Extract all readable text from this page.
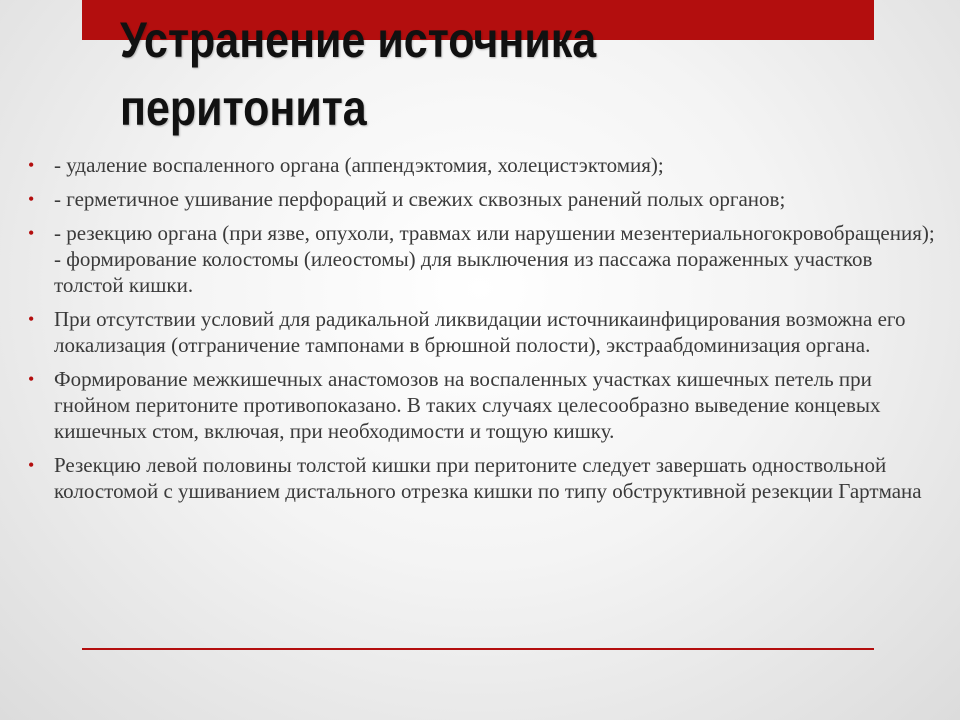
Устранение источника
перитонита
• - удаление воспаленного органа (аппендэктомия, холецистэктомия);
• - герметичное ушивание перфораций и свежих сквозных ранений полых органов;
• - резекцию органа (при язве, опухоли, травмах или нарушении мезентериальногокровобращения); - формирование колостомы (илеостомы) для выключения из пассажа пораженных участков толстой кишки.
• При отсутствии условий для радикальной ликвидации источникаинфицирования возможна его локализация (отграничение тампонами в брюшной полости), экстраабдоминизация органа.
• Формирование межкишечных анастомозов на воспаленных участках кишечных петель при гнойном перитоните противопоказано. В таких случаях целесообразно выведение концевых кишечных стом, включая, при необходимости и тощую кишку.
• Резекцию левой половины толстой кишки при перитоните следует завершать одноствольной колостомой с ушиванием дистального отрезка кишки по типу обструктивной резекции Гартмана
